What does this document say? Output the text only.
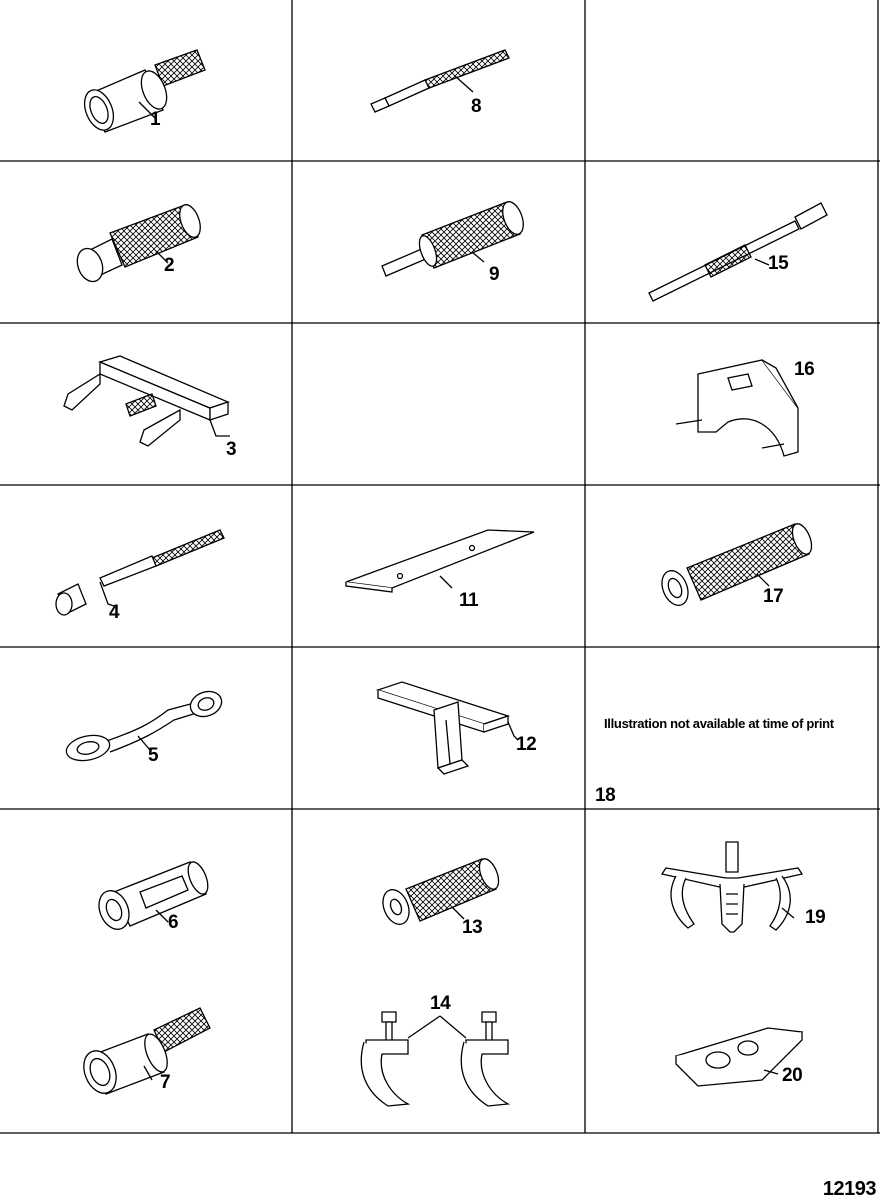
1
8
2	9
15
3
16
4
11	17
5
12
18
6	13	19
7
14
20
Illustration not available at time of print
12193
